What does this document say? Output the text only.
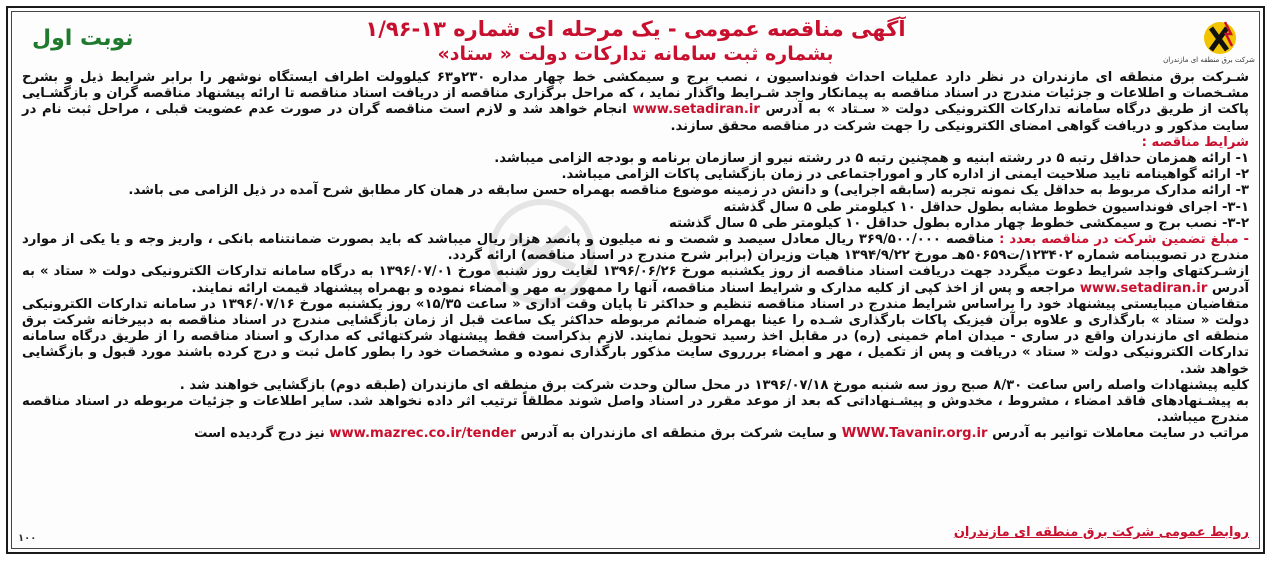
نوبت اول	آگهی مناقصه عمومی - یک مرحله ای شماره ۱۳-۱/۹۶
بشماره ثبت سامانه تدارکات دولت « ستاد»	شرکت برق منطقه ای مازندران

شـرکت برق منطقه ای مازندران در نظر دارد عملیات احداث فونداسیون ، نصب برج و سیمکشی خط چهار مداره ۲۳۰و۶۳ کیلوولت اطراف ایستگاه نوشهر را برابر شرایط ذیل و بشرح مشـخصات و اطلاعات و جزئیات مندرج در اسناد مناقصه به پیمانکار واجد شـرایط واگذار نماید ، که مراحل برگزاری مناقصه از دریافت اسناد مناقصه تا ارائه پیشنهاد مناقصه گران و بازگشـایی پاکت از طریق درگاه سامانه تدارکات الکترونیکی دولت « سـتاد » به آدرس www.setadiran.ir انجام خواهد شد و لازم است مناقصه گران در صورت عدم عضویت قبلی ، مراحل ثبت نام در سایت مذکور و دریافت گواهی امضای الکترونیکی را جهت شرکت در مناقصه محقق سازند.

شرایط مناقصه :

۱- ارائه همزمان حداقل رتبه ۵ در رشته ابنیه و همچنین رتبه ۵ در رشته نیرو از سازمان برنامه و بودجه الزامی میباشد.

۲- ارائه گواهینامه تایید صلاحیت ایمنی از اداره کار و اموراجتماعی در زمان بازگشایی پاکات الزامی میباشد.

۳- ارائه مدارک مربوط به حداقل یک نمونه تجربه (سابقه اجرایی) و دانش در زمینه موضوع مناقصه بهمراه حسن سابقه در همان کار مطابق شرح آمده در ذیل الزامی می باشد.

۳-۱- اجرای فونداسیون خطوط مشابه بطول حداقل ۱۰ کیلومتر طی ۵ سال گذشته

۳-۲- نصب برج و سیمکشی خطوط چهار مداره بطول حداقل ۱۰ کیلومتر طی ۵ سال گذشته

- مبلغ تضمین شرکت در مناقصه بعدد : مناقصه ۳۶۹/۵۰۰/۰۰۰ ریال معادل سیصد و شصت و نه میلیون و پانصد هزار ریال میباشد که باید بصورت ضمانتنامه بانکی ، واریز وجه و یا یکی از موارد مندرج در تصویبنامه شماره ۱۲۳۴۰۲/ت۵۰۶۵۹هـ مورخ ۱۳۹۴/۹/۲۲ هیات وزیران (برابر شرح مندرج در اسناد مناقصه) ارائه گردد.

ازشـرکتهای واجد شرایط دعوت میگردد جهت دریافت اسناد مناقصه از روز یکشنبه مورخ ۱۳۹۶/۰۶/۲۶ لغایت روز شنبه مورخ ۱۳۹۶/۰۷/۰۱ به درگاه سامانه تدارکات الکترونیکی دولت « ستاد » به آدرس www.setadiran.ir مراجعه و پس از اخذ کپی از کلیه مدارک و شرایط اسناد مناقصه، آنها را ممهور به مهر و امضاء نموده و بهمراه پیشنهاد قیمت ارائه نمایند.

متقاضیان میبایستی پیشنهاد خود را براساس شرایط مندرج در اسناد مناقصه تنظیم و حداکثر تا پایان وقت اداری « ساعت ۱۵/۳۵» روز یکشنبه مورخ ۱۳۹۶/۰۷/۱۶ در سامانه تدارکات الکترونیکی دولت « ستاد » بارگذاری و علاوه برآن فیزیک پاکات بارگذاری شـده را عینا بهمراه ضمائم مربوطه حداکثر یک ساعت قبل از زمان بازگشایی مندرج در اسناد مناقصه به دبیرخانه شرکت برق منطقه ای مازندران واقع در ساری - میدان امام خمینی (ره) در مقابل اخذ رسید تحویل نمایند. لازم بذکراست فقط پیشنهاد شرکتهائی که مدارک و اسناد مناقصه را از طریق درگاه سامانه تدارکات الکترونیکی دولت « ستاد » دریافت و پس از تکمیل ، مهر و امضاء بررروی سایت مذکور بارگذاری نموده و مشخصات خود را بطور کامل ثبت و درج کرده باشند مورد قبول و بازگشایی خواهد شد.

کلیه پیشنهادات واصله راس ساعت ۸/۳۰ صبح روز سه شنبه مورخ ۱۳۹۶/۰۷/۱۸ در محل سالن وحدت شرکت برق منطقه ای مازندران (طبقه دوم) بازگشایی خواهند شد .

به پیشـنهادهای فاقد امضاء ، مشروط ، مخدوش و پیشـنهاداتی که بعد از موعد مقرر در اسناد واصل شوند مطلقاً ترتیب اثر داده نخواهد شد. سایر اطلاعات و جزئیات مربوطه در اسناد مناقصه مندرج میباشد.

مراتب در سایت معاملات توانیر به آدرس WWW.Tavanir.org.ir و سایت شرکت برق منطقه ای مازندران به آدرس www.mazrec.co.ir/tender نیز درج گردیده است

روابط عمومی شرکت برق منطقه ای مازندران
۱۰۰
